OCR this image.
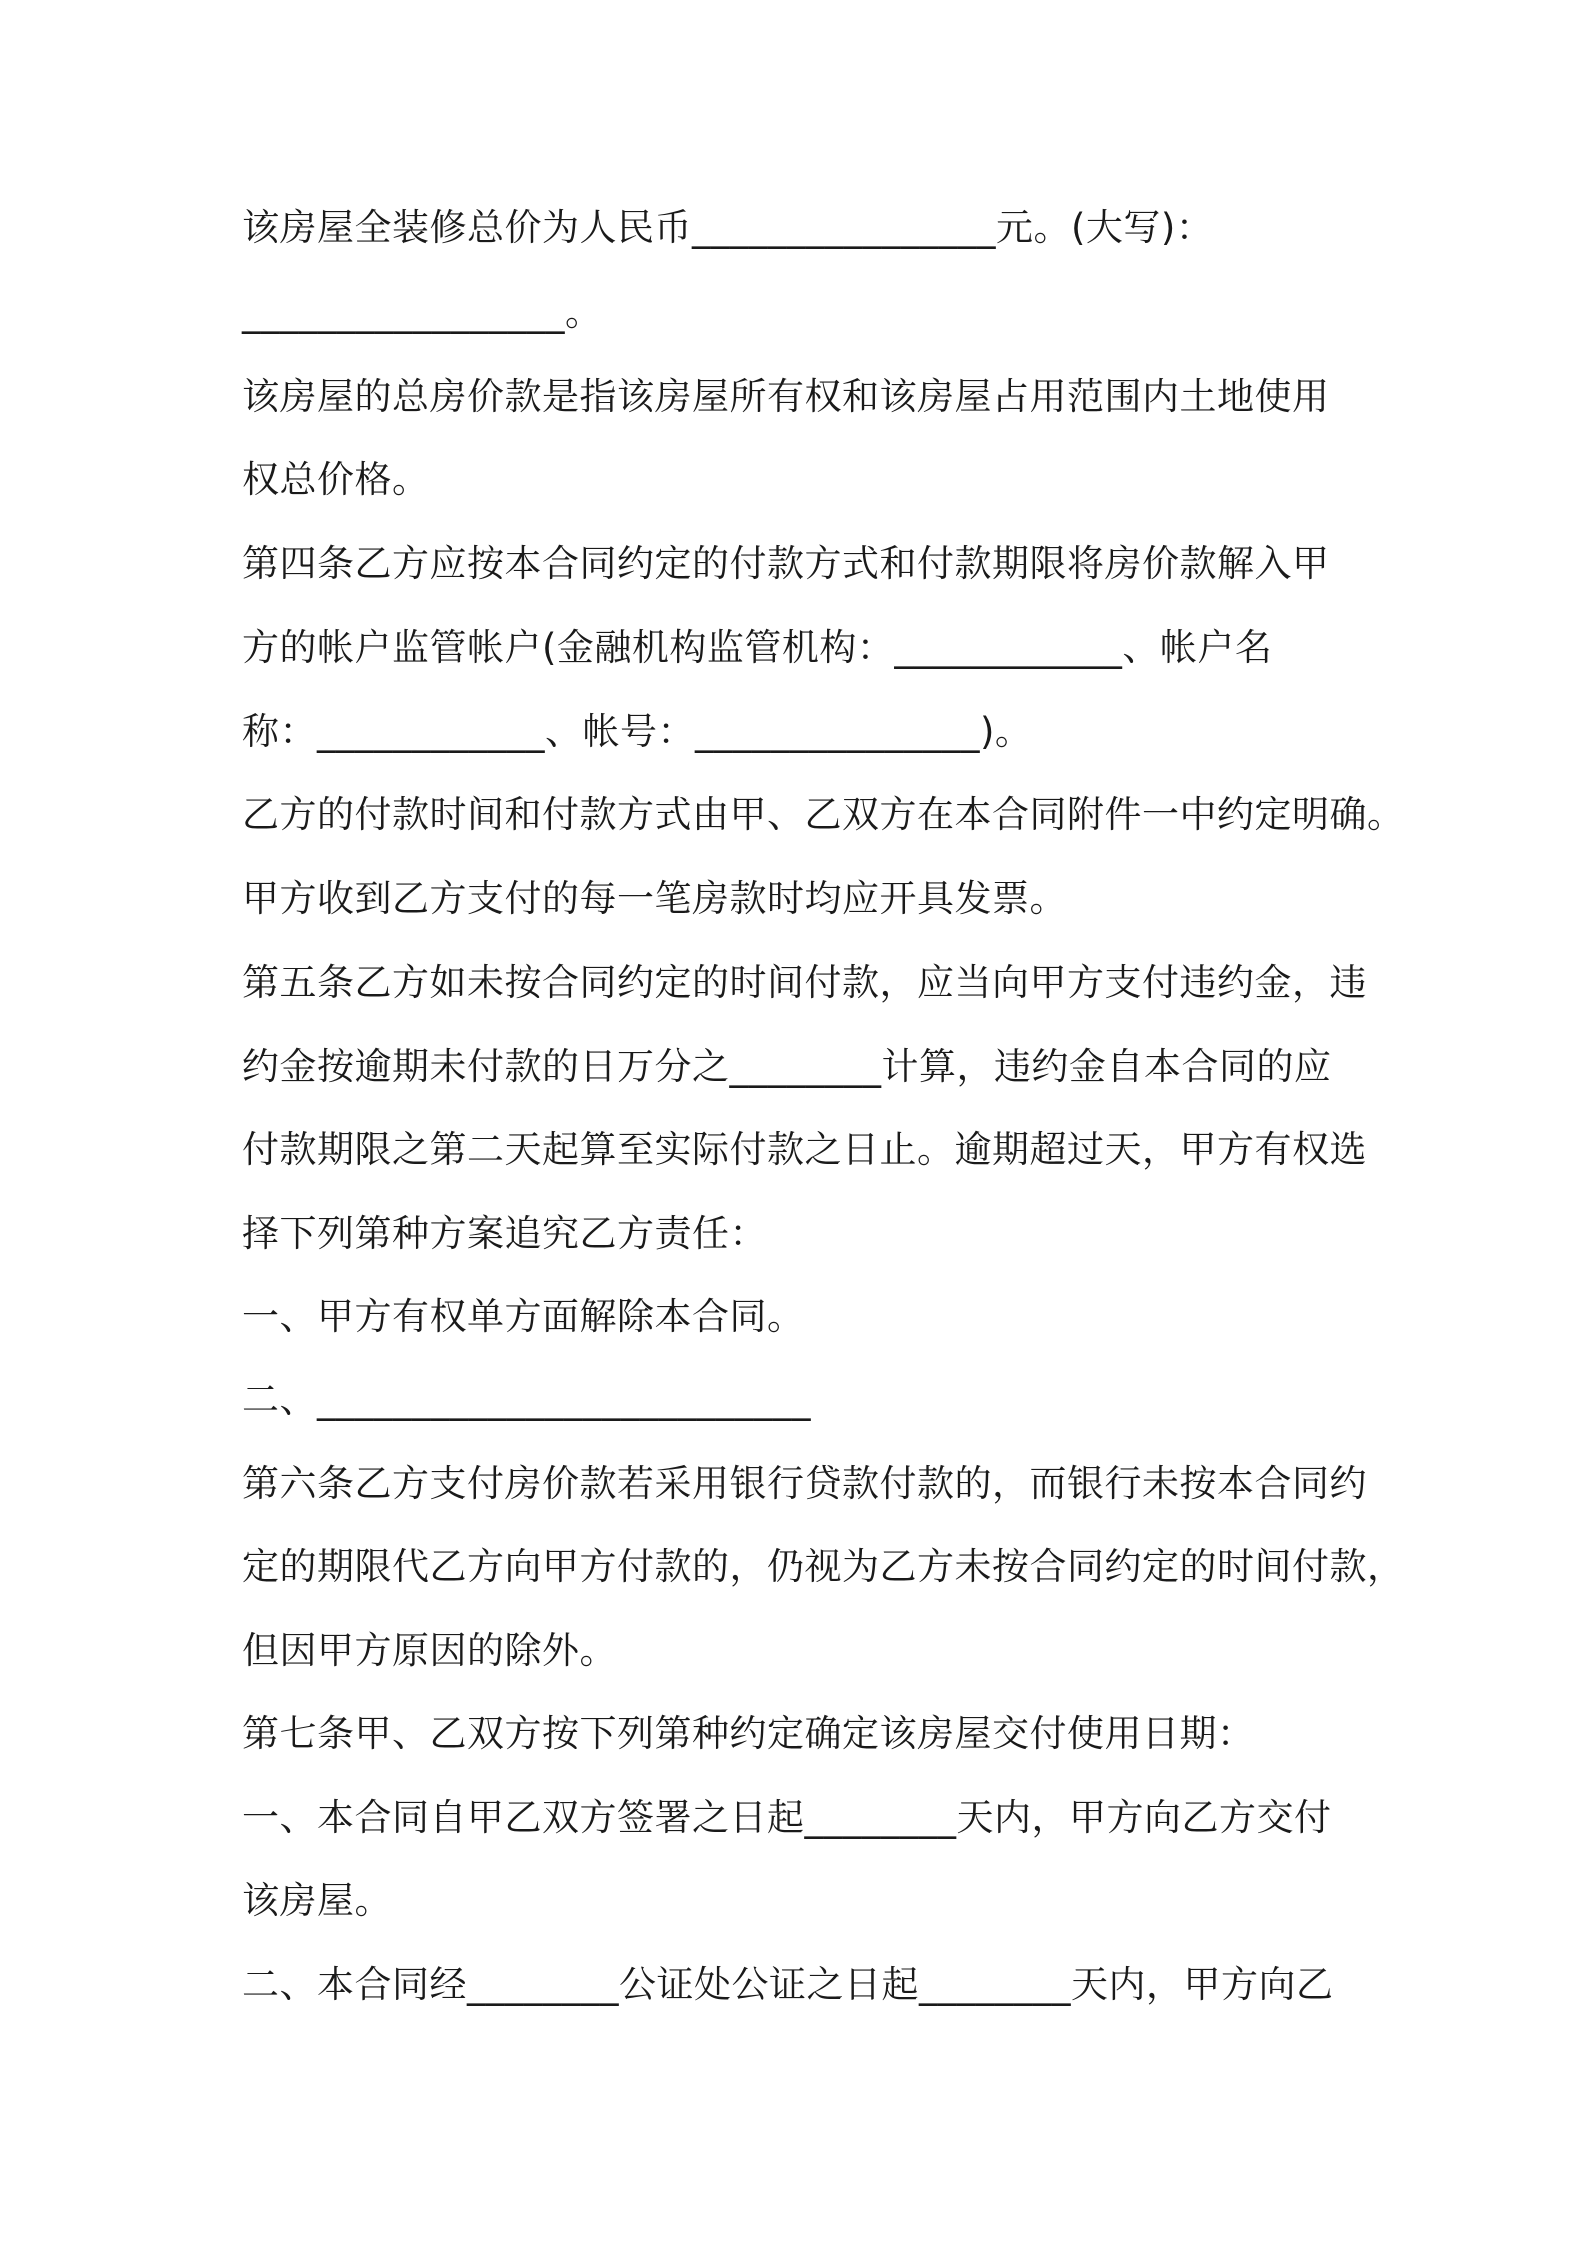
该房屋全装修总价为人民币________________元。(大写)：
_________________。
该房屋的总房价款是指该房屋所有权和该房屋占用范围内土地使用
权总价格。
第四条乙方应按本合同约定的付款方式和付款期限将房价款解入甲
方的帐户监管帐户(金融机构监管机构：____________、帐户名
称：____________、帐号：_______________)。
乙方的付款时间和付款方式由甲、乙双方在本合同附件一中约定明确。
甲方收到乙方支付的每一笔房款时均应开具发票。
第五条乙方如未按合同约定的时间付款，应当向甲方支付违约金，违
约金按逾期未付款的日万分之________计算，违约金自本合同的应
付款期限之第二天起算至实际付款之日止。逾期超过天，甲方有权选
择下列第种方案追究乙方责任：
一、甲方有权单方面解除本合同。
二、__________________________
第六条乙方支付房价款若采用银行贷款付款的，而银行未按本合同约
定的期限代乙方向甲方付款的，仍视为乙方未按合同约定的时间付款，
但因甲方原因的除外。
第七条甲、乙双方按下列第种约定确定该房屋交付使用日期：
一、本合同自甲乙双方签署之日起________天内，甲方向乙方交付
该房屋。
二、本合同经________公证处公证之日起________天内，甲方向乙
